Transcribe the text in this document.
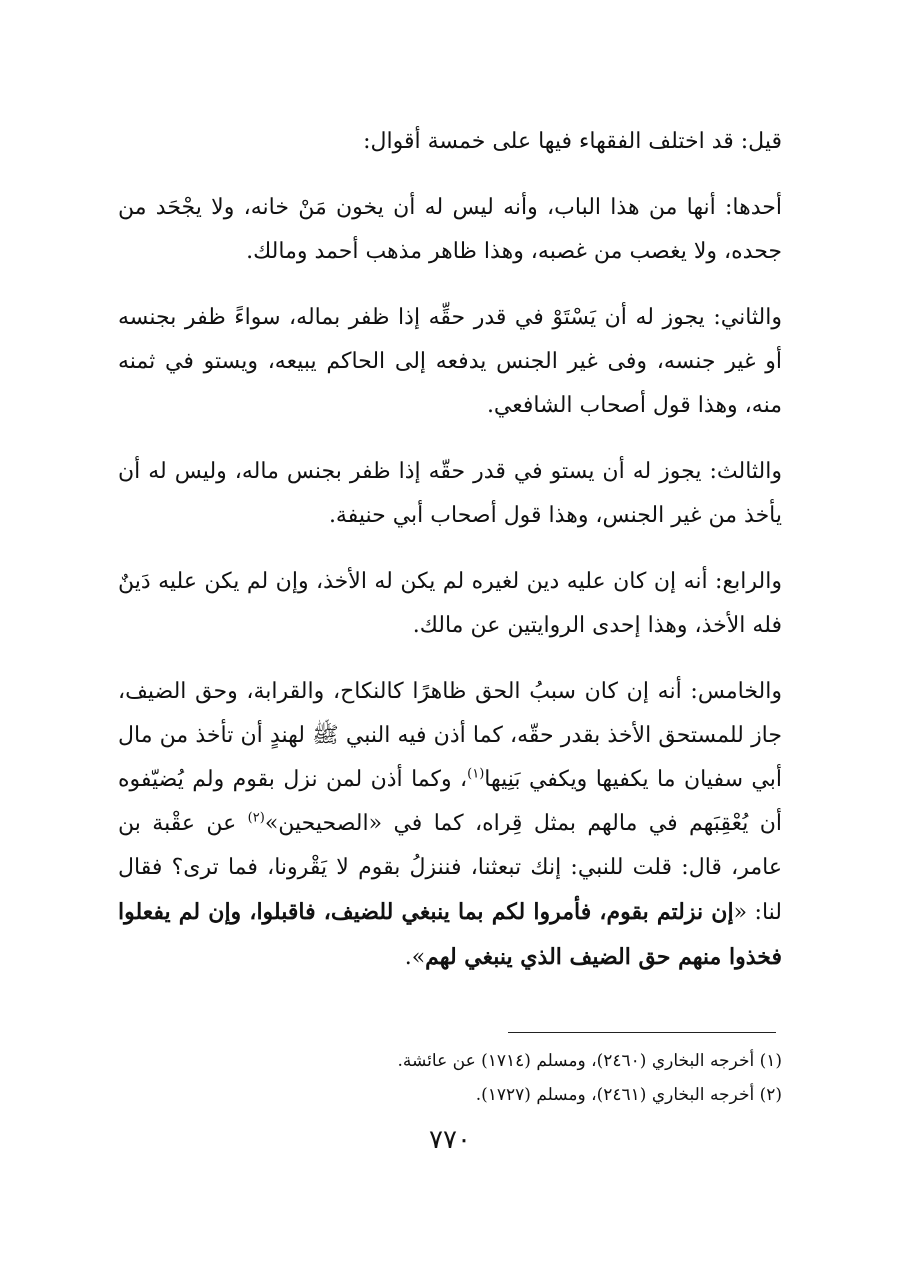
قيل: قد اختلف الفقهاء فيها على خمسة أقوال:

أحدها: أنها من هذا الباب، وأنه ليس له أن يخون مَنْ خانه، ولا يجْحَد من جحده، ولا يغصب من غصبه، وهذا ظاهر مذهب أحمد ومالك.

والثاني: يجوز له أن يَسْتَوْ في قدر حقِّه إذا ظفر بماله، سواءً ظفر بجنسه أو غير جنسه، وفى غير الجنس يدفعه إلى الحاكم يبيعه، ويستو في ثمنه منه، وهذا قول أصحاب الشافعي.

والثالث: يجوز له أن يستو في قدر حقّه إذا ظفر بجنس ماله، وليس له أن يأخذ من غير الجنس، وهذا قول أصحاب أبي حنيفة.

والرابع: أنه إن كان عليه دين لغيره لم يكن له الأخذ، وإن لم يكن عليه دَينٌ فله الأخذ، وهذا إحدى الروايتين عن مالك.

والخامس: أنه إن كان سببُ الحق ظاهرًا كالنكاح، والقرابة، وحق الضيف، جاز للمستحق الأخذ بقدر حقّه، كما أذن فيه النبي ﷺ لهندٍ أن تأخذ من مال أبي سفيان ما يكفيها ويكفي بَنِيها$^{(١)}$، وكما أذن لمن نزل بقوم ولم يُضيّفوه أن يُعْقِبَهم في مالهم بمثل قِراه، كما في «الصحيحين»$^{(٢)}$ عن عقْبة بن عامر، قال: قلت للنبي: إنك تبعثنا، فننزلُ بقوم لا يَقْرونا، فما ترى؟ فقال لنا: «إن نزلتم بقوم، فأمروا لكم بما ينبغي للضيف، فاقبلوا، وإن لم يفعلوا فخذوا منهم حق الضيف الذي ينبغي لهم».

(١) أخرجه البخاري (٢٤٦٠)، ومسلم (١٧١٤) عن عائشة.

(٢) أخرجه البخاري (٢٤٦١)، ومسلم (١٧٢٧).

٧٧٠
